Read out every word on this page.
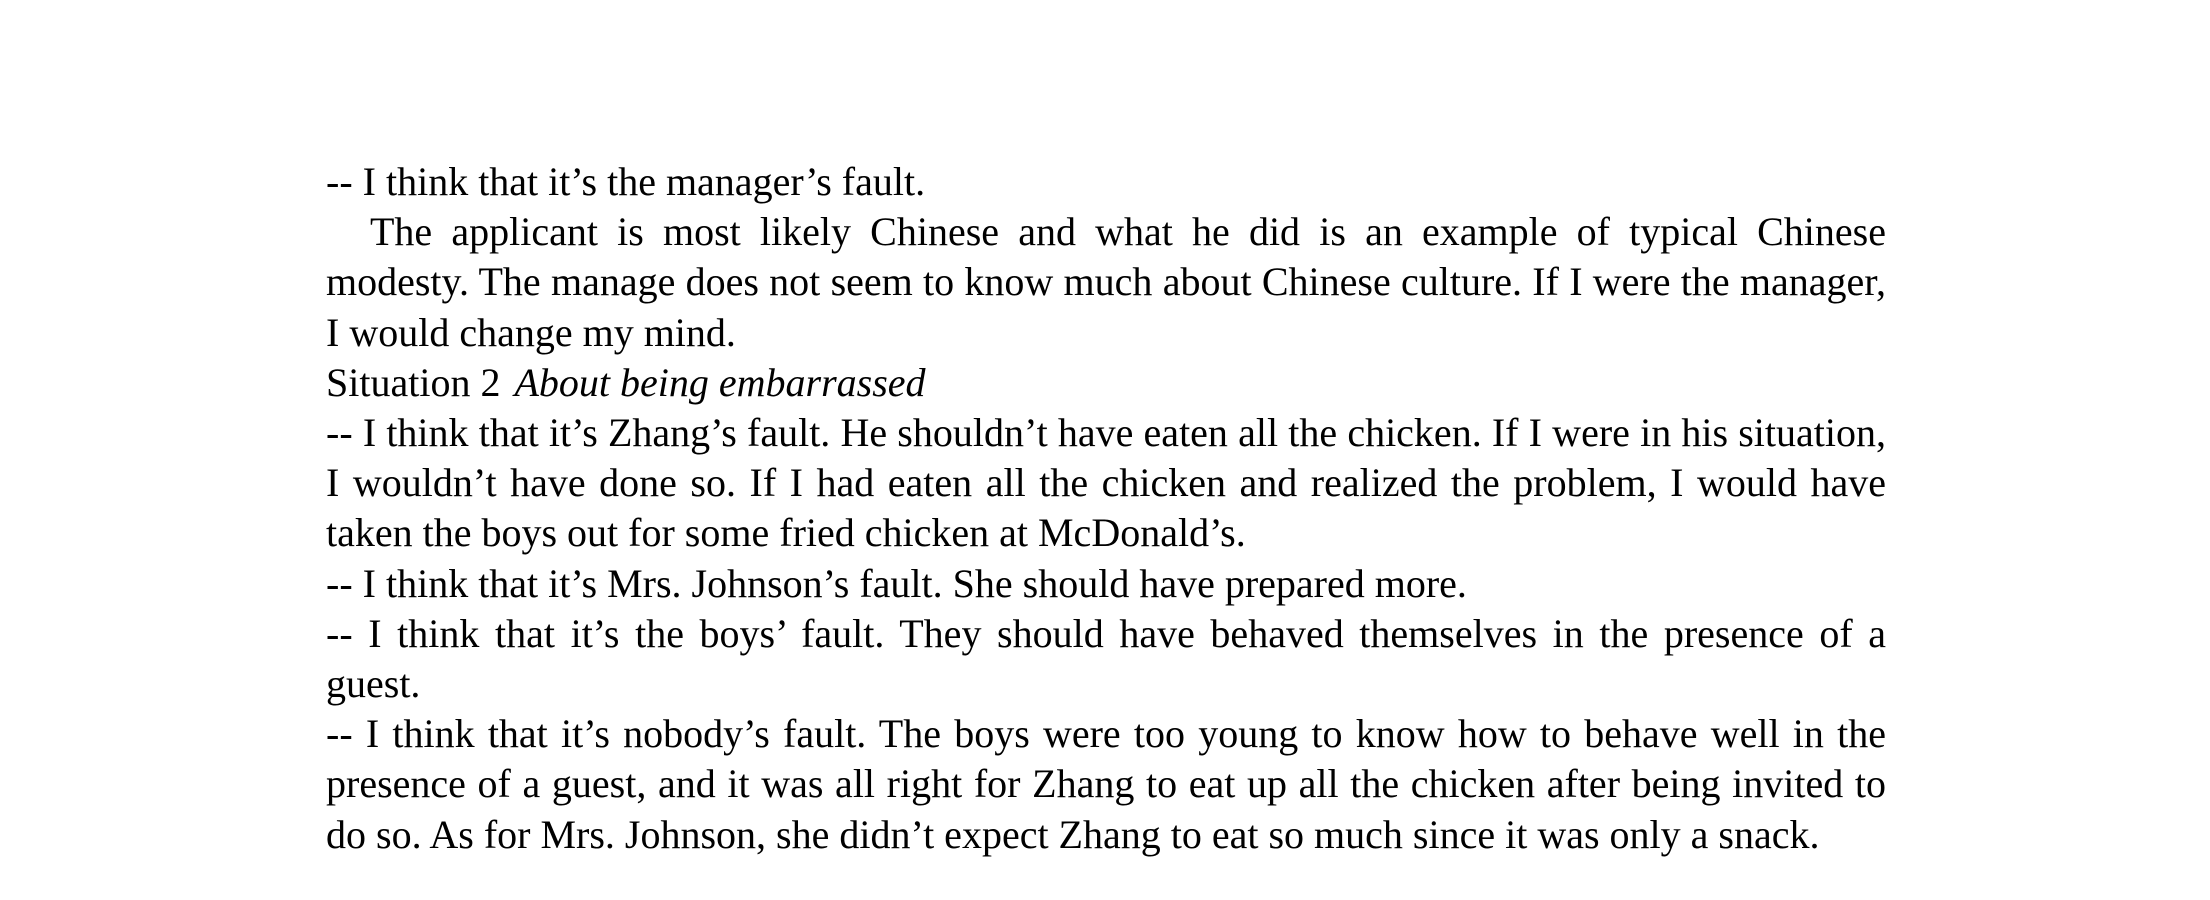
-- I think that it’s the manager’s fault.

The applicant is most likely Chinese and what he did is an example of typical Chinese modesty. The manage does not seem to know much about Chinese culture. If I were the manager, I would change my mind.

Situation 2 About being embarrassed

-- I think that it’s Zhang’s fault. He shouldn’t have eaten all the chicken. If I were in his situation, I wouldn’t have done so. If I had eaten all the chicken and realized the problem, I would have taken the boys out for some fried chicken at McDonald’s.

-- I think that it’s Mrs. Johnson’s fault. She should have prepared more.

-- I think that it’s the boys’ fault. They should have behaved themselves in the presence of a guest.

-- I think that it’s nobody’s fault. The boys were too young to know how to behave well in the presence of a guest, and it was all right for Zhang to eat up all the chicken after being invited to do so. As for Mrs. Johnson, she didn’t expect Zhang to eat so much since it was only a snack.
